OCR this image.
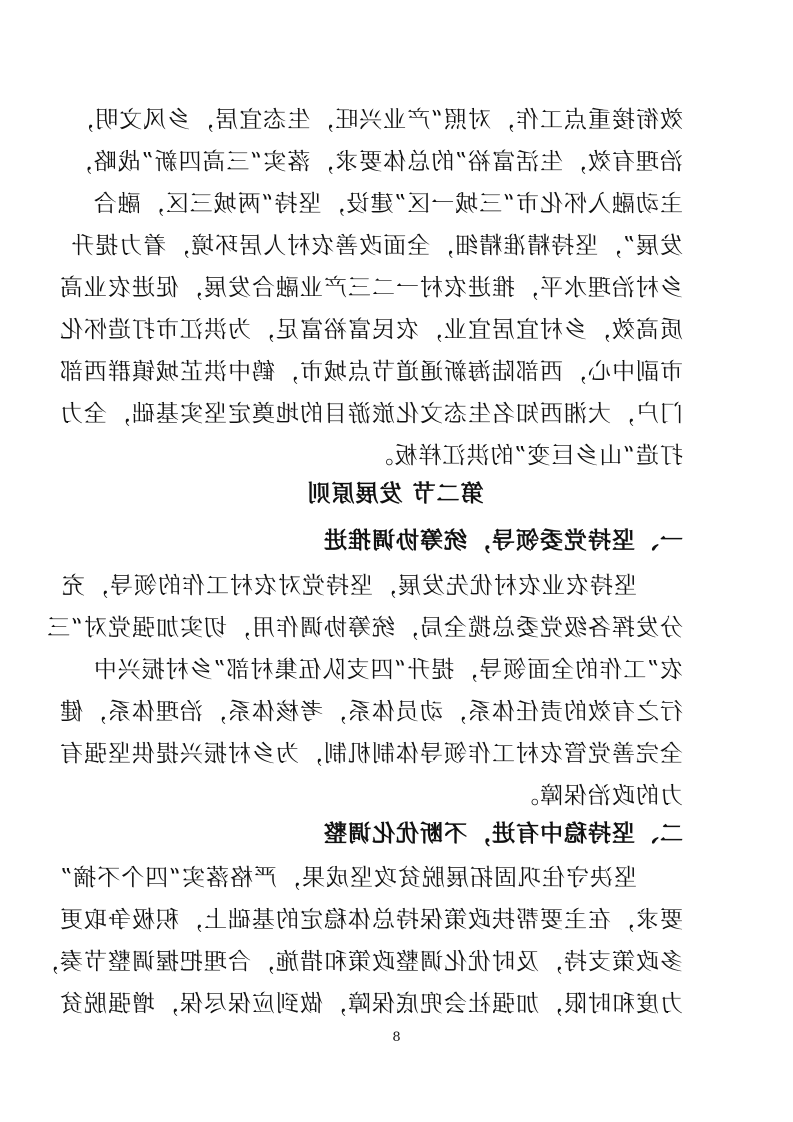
效衔接重点工作，对照“产业兴旺，生态宜居，乡风文明，
治理有效，生活富裕”的总体要求，落实“三高四新”战略，
主动融入怀化市“三城一区”建设，坚持“两城三区，融合
发展”，坚持精准精细，全面改善农村人居环境，着力提升
乡村治理水平，推进农村一二三产业融合发展，促进农业高
质高效，乡村宜居宜业，农民富裕富足，为洪江市打造怀化
市副中心，西部陆海新通道节点城市，鹤中洪芷城镇群西部
门户，大湘西知名生态文化旅游目的地奠定坚实基础，全力
打造“山乡巨变”的洪江样板。
第二节 发展原则
一、坚持党委领导，统筹协调推进
坚持农业农村优先发展，坚持党对农村工作的领导，充
分发挥各级党委总揽全局，统筹协调作用，切实加强党对“三
农”工作的全面领导，提升“四支队伍集村部”乡村振兴中
行之有效的责任体系，动员体系，考核体系，治理体系，健
全完善党管农村工作领导体制机制，为乡村振兴提供坚强有
力的政治保障。
二、坚持稳中有进，不断优化调整
坚决守住巩固拓展脱贫攻坚成果，严格落实“四个不摘”
要求，在主要帮扶政策保持总体稳定的基础上，积极争取更
多政策支持，及时优化调整政策和措施，合理把握调整节奏，
力度和时限，加强社会兜底保障，做到应保尽保，增强脱贫
8
